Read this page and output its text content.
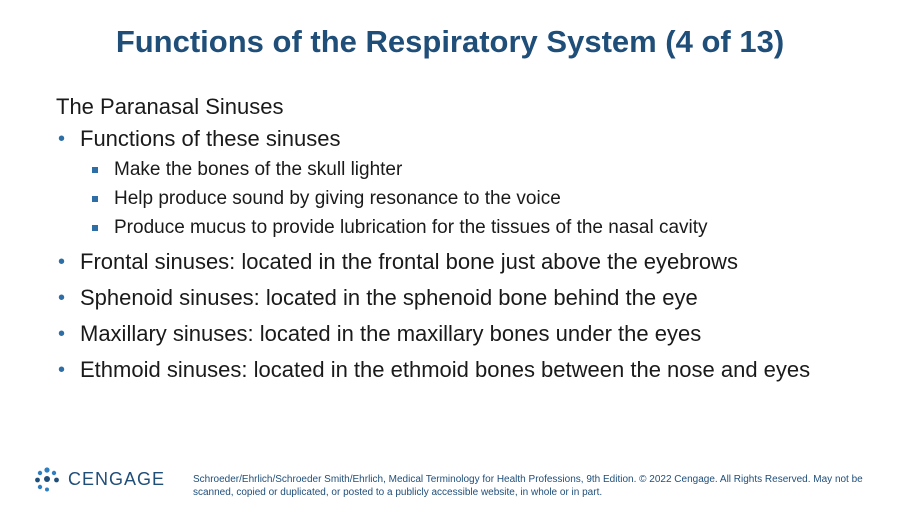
Functions of the Respiratory System (4 of 13)

The Paranasal Sinuses

• Functions of these sinuses
Make the bones of the skull lighter
Help produce sound by giving resonance to the voice
Produce mucus to provide lubrication for the tissues of the nasal cavity
• Frontal sinuses: located in the frontal bone just above the eyebrows
• Sphenoid sinuses: located in the sphenoid bone behind the eye
• Maxillary sinuses: located in the maxillary bones under the eyes
• Ethmoid sinuses: located in the ethmoid bones between the nose and eyes
CENGAGE	Schroeder/Ehrlich/Schroeder Smith/Ehrlich, Medical Terminology for Health Professions, 9th Edition. © 2022 Cengage. All Rights Reserved. May not be scanned, copied or duplicated, or posted to a publicly accessible website, in whole or in part.
